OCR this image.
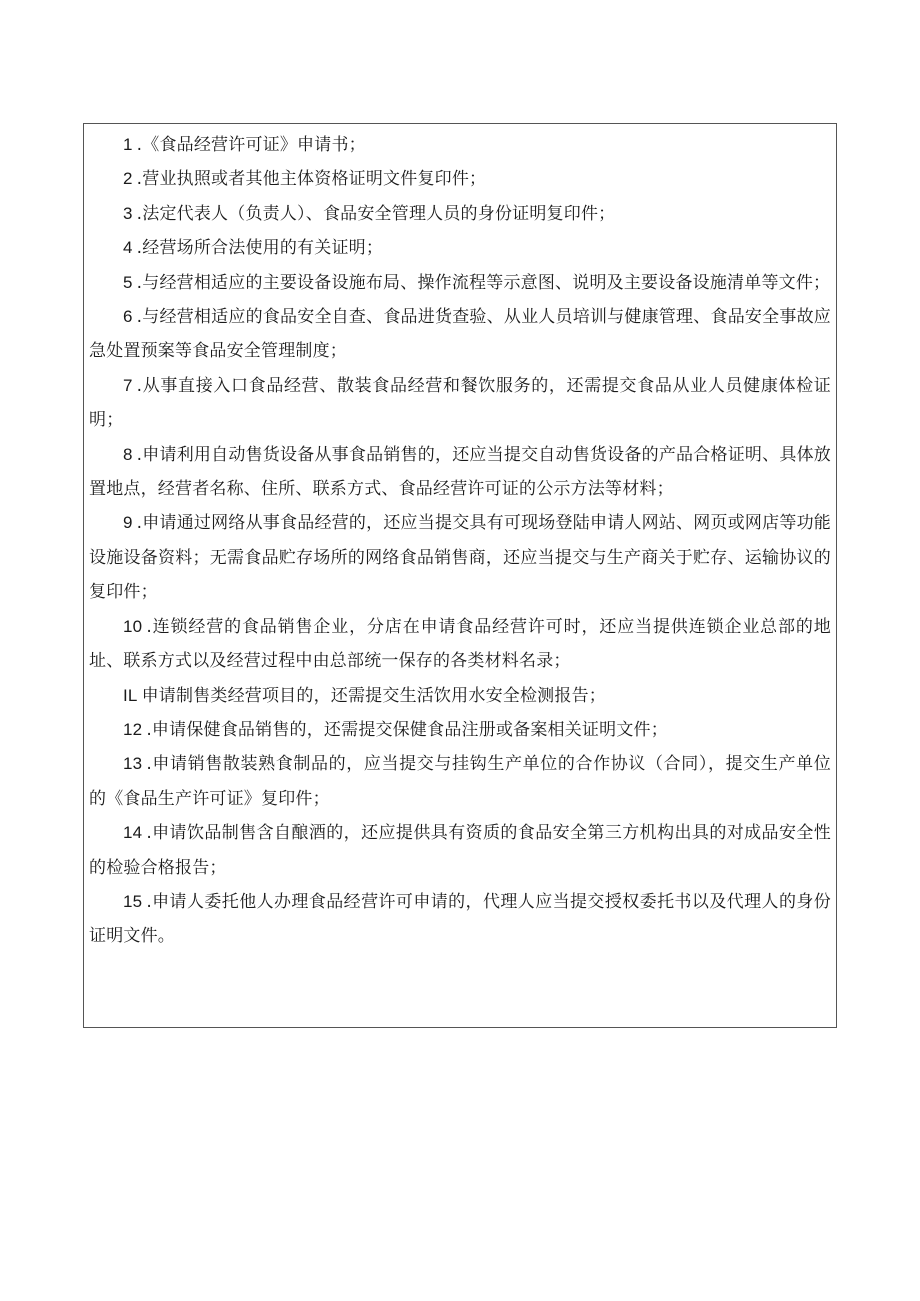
1 .《食品经营许可证》申请书；
2 .营业执照或者其他主体资格证明文件复印件；
3 .法定代表人（负责人）、食品安全管理人员的身份证明复印件；
4 .经营场所合法使用的有关证明；
5 .与经营相适应的主要设备设施布局、操作流程等示意图、说明及主要设备设施清单等文件；
6 .与经营相适应的食品安全自查、食品进货查验、从业人员培训与健康管理、食品安全事故应急处置预案等食品安全管理制度；
7 .从事直接入口食品经营、散装食品经营和餐饮服务的，还需提交食品从业人员健康体检证明；
8 .申请利用自动售货设备从事食品销售的，还应当提交自动售货设备的产品合格证明、具体放置地点，经营者名称、住所、联系方式、食品经营许可证的公示方法等材料；
9 .申请通过网络从事食品经营的，还应当提交具有可现场登陆申请人网站、网页或网店等功能设施设备资料；无需食品贮存场所的网络食品销售商，还应当提交与生产商关于贮存、运输协议的复印件；
10 .连锁经营的食品销售企业，分店在申请食品经营许可时，还应当提供连锁企业总部的地址、联系方式以及经营过程中由总部统一保存的各类材料名录；
IL 申请制售类经营项目的，还需提交生活饮用水安全检测报告；
12 .申请保健食品销售的，还需提交保健食品注册或备案相关证明文件；
13 .申请销售散装熟食制品的，应当提交与挂钩生产单位的合作协议（合同），提交生产单位的《食品生产许可证》复印件；
14 .申请饮品制售含自酿酒的，还应提供具有资质的食品安全第三方机构出具的对成品安全性的检验合格报告；
15 .申请人委托他人办理食品经营许可申请的，代理人应当提交授权委托书以及代理人的身份证明文件。
